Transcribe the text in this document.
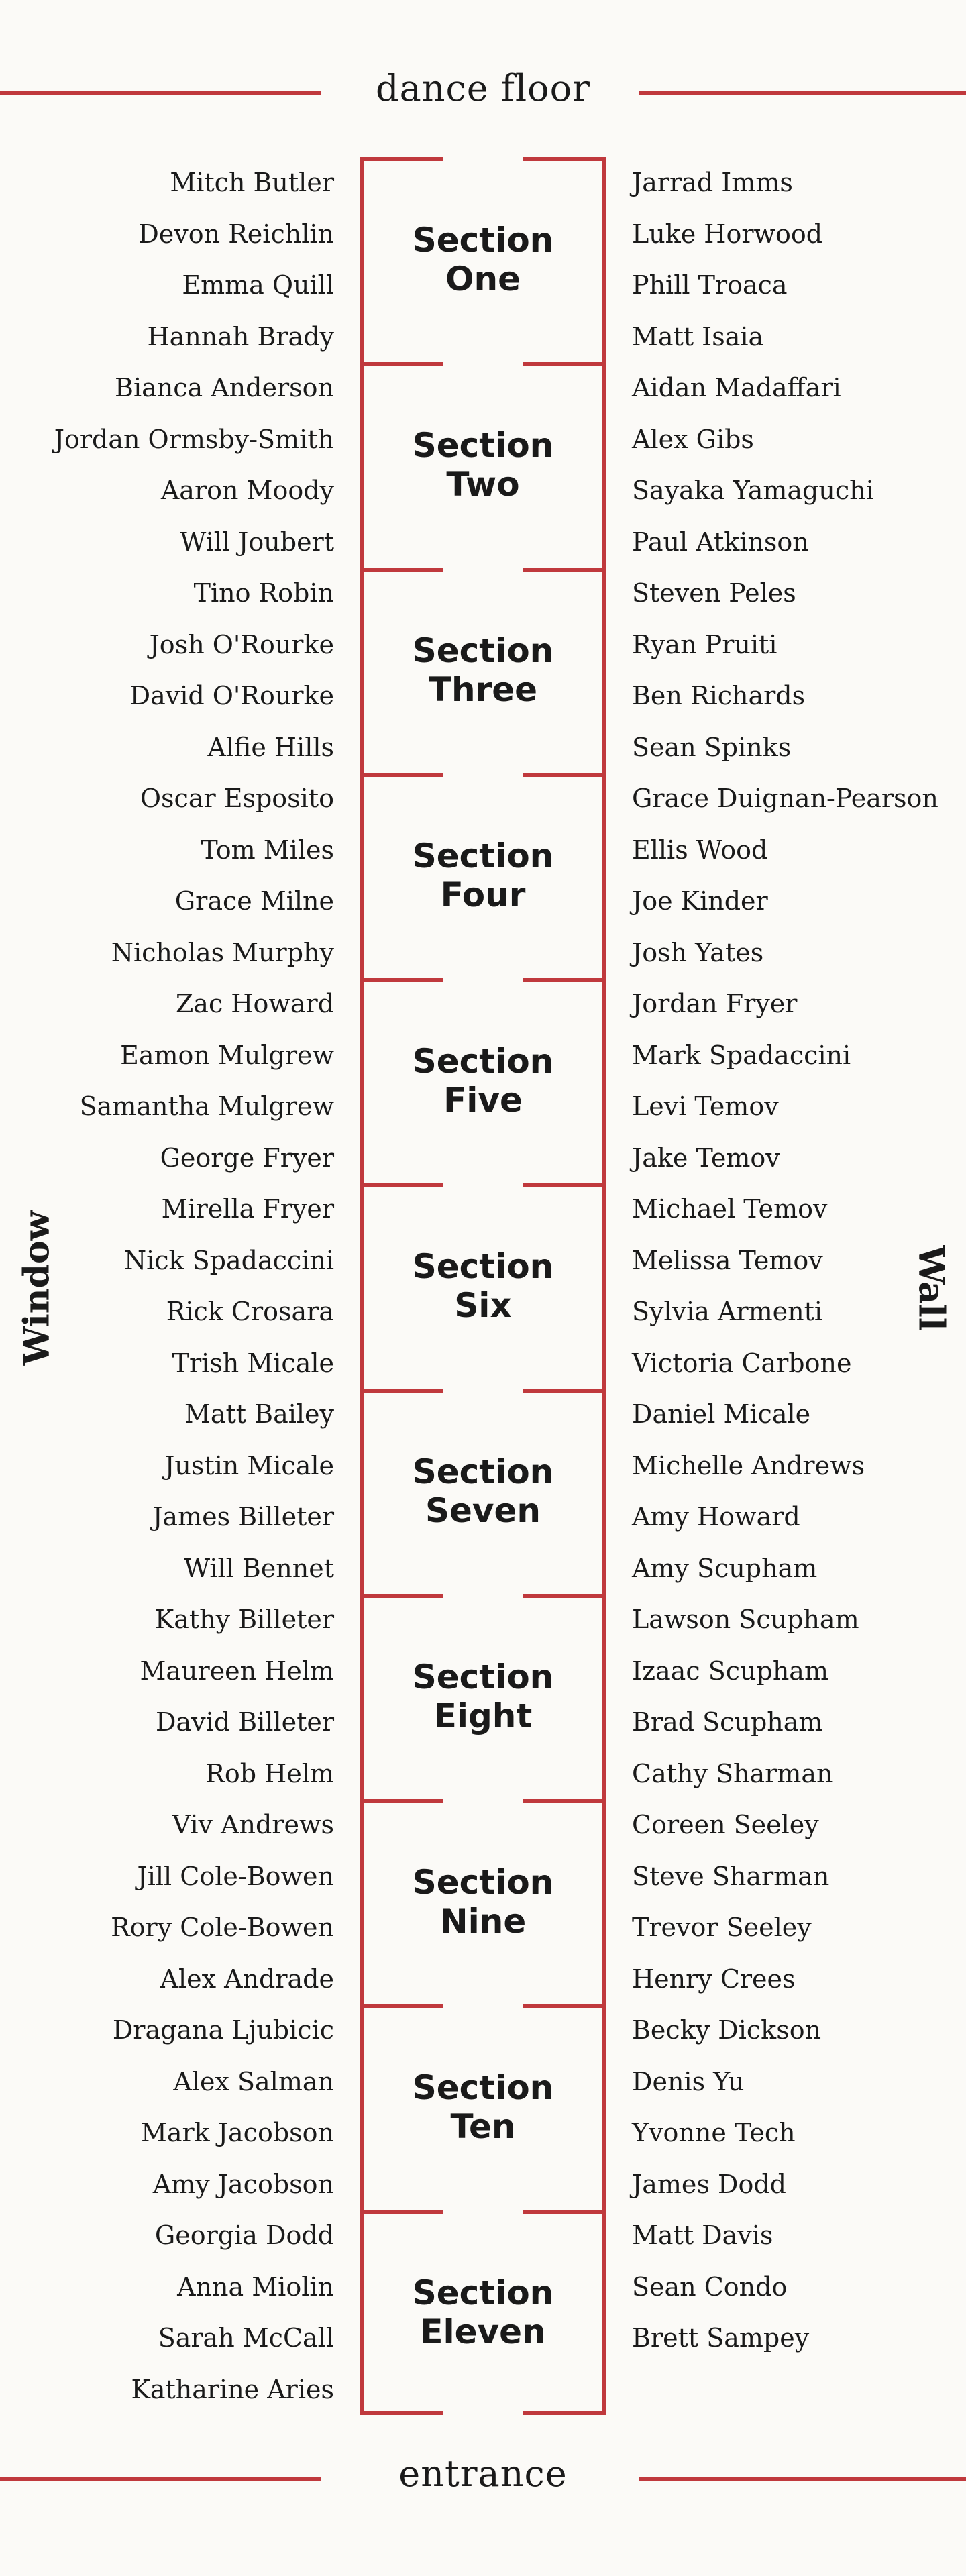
dance floor
entrance
Window	Wall
Section
One
Section
Two
Section
Three
Section
Four
Section
Five
Section
Six
Section
Seven
Section
Eight
Section
Nine
Section
Ten
Section
Eleven
Mitch Butler
Devon Reichlin
Emma Quill
Hannah Brady
Bianca Anderson
Jordan Ormsby-Smith
Aaron Moody
Will Joubert
Tino Robin
Josh O'Rourke
David O'Rourke
Alfie Hills
Oscar Esposito
Tom Miles
Grace Milne
Nicholas Murphy
Zac Howard
Eamon Mulgrew
Samantha Mulgrew
George Fryer
Mirella Fryer
Nick Spadaccini
Rick Crosara
Trish Micale
Matt Bailey
Justin Micale
James Billeter
Will Bennet
Kathy Billeter
Maureen Helm
David Billeter
Rob Helm
Viv Andrews
Jill Cole-Bowen
Rory Cole-Bowen
Alex Andrade
Dragana Ljubicic
Alex Salman
Mark Jacobson
Amy Jacobson
Georgia Dodd
Anna Miolin
Sarah McCall
Katharine Aries
Jarrad Imms
Luke Horwood
Phill Troaca
Matt Isaia
Aidan Madaffari
Alex Gibs
Sayaka Yamaguchi
Paul Atkinson
Steven Peles
Ryan Pruiti
Ben Richards
Sean Spinks
Grace Duignan-Pearson
Ellis Wood
Joe Kinder
Josh Yates
Jordan Fryer
Mark Spadaccini
Levi Temov
Jake Temov
Michael Temov
Melissa Temov
Sylvia Armenti
Victoria Carbone
Daniel Micale
Michelle Andrews
Amy Howard
Amy Scupham
Lawson Scupham
Izaac Scupham
Brad Scupham
Cathy Sharman
Coreen Seeley
Steve Sharman
Trevor Seeley
Henry Crees
Becky Dickson
Denis Yu
Yvonne Tech
James Dodd
Matt Davis
Sean Condo
Brett Sampey
